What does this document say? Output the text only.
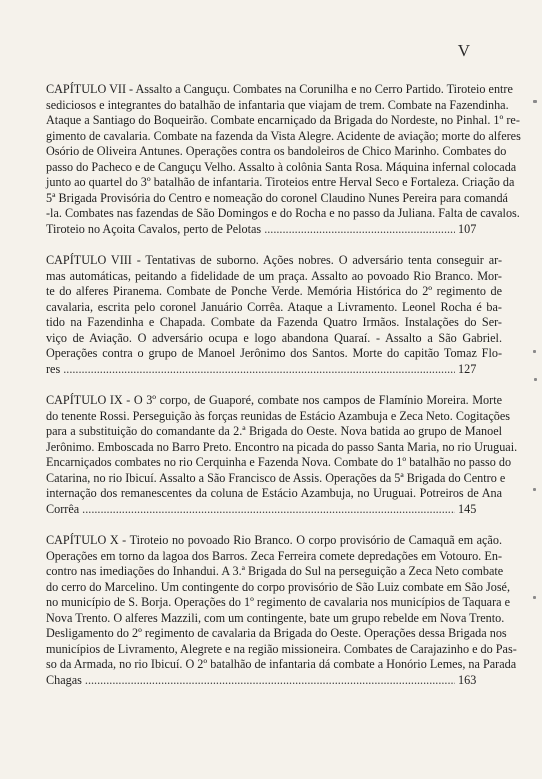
V

CAPÍTULO VII - Assalto a Canguçu. Combates na Corunilha e no Cerro Partido. Tiroteio entre
sediciosos e integrantes do batalhão de infantaria que viajam de trem. Combate na Fazendinha.
Ataque a Santiago do Boqueirão. Combate encarniçado da Brigada do Nordeste, no Pinhal. 1º re-
gimento de cavalaria. Combate na fazenda da Vista Alegre. Acidente de aviação; morte do alferes
Osório de Oliveira Antunes. Operações contra os bandoleiros de Chico Marinho. Combates do
passo do Pacheco e de Canguçu Velho. Assalto à colônia Santa Rosa. Máquina infernal colocada
junto ao quartel do 3º batalhão de infantaria. Tiroteios entre Herval Seco e Fortaleza. Criação da
5ª Brigada Provisória do Centro e nomeação do coronel Claudino Nunes Pereira para comandá
-la. Combates nas fazendas de São Domingos e do Rocha e no passo da Juliana. Falta de cavalos.

Tiroteio no Açoita Cavalos, perto de Pelotas .....	107

CAPÍTULO VIII - Tentativas de suborno. Ações nobres. O adversário tenta conseguir ar-
mas automáticas, peitando a fidelidade de um praça. Assalto ao povoado Rio Branco. Mor-
te do alferes Piranema. Combate de Ponche Verde. Memória Histórica do 2º regimento de
cavalaria, escrita pelo coronel Januário Corrêa. Ataque a Livramento. Leonel Rocha é ba-
tido na Fazendinha e Chapada. Combate da Fazenda Quatro Irmãos. Instalações do Ser-
viço de Aviação. O adversário ocupa e logo abandona Quaraí. - Assalto a São Gabriel.
Operações contra o grupo de Manoel Jerônimo dos Santos. Morte do capitão Tomaz Flo-

res .....	127

CAPÍTULO IX - O 3º corpo, de Guaporé, combate nos campos de Flamínio Moreira. Morte
do tenente Rossi. Perseguição às forças reunidas de Estácio Azambuja e Zeca Neto. Cogitações
para a substituição do comandante da 2.ª Brigada do Oeste. Nova batida ao grupo de Manoel
Jerônimo. Emboscada no Barro Preto. Encontro na picada do passo Santa Maria, no rio Uruguai.
Encarniçados combates no rio Cerquinha e Fazenda Nova. Combate do 1º batalhão no passo do
Catarina, no rio Ibicuí. Assalto a São Francisco de Assis. Operações da 5ª Brigada do Centro e
internação dos remanescentes da coluna de Estácio Azambuja, no Uruguai. Potreiros de Ana

Corrêa .....	145

CAPÍTULO X - Tiroteio no povoado Rio Branco. O corpo provisório de Camaquã em ação.
Operações em torno da lagoa dos Barros. Zeca Ferreira comete depredações em Votouro. En-
contro nas imediações do Inhandui. A 3.ª Brigada do Sul na perseguição a Zeca Neto combate
do cerro do Marcelino. Um contingente do corpo provisório de São Luiz combate em São José,
no município de S. Borja. Operações do 1º regimento de cavalaria nos municípios de Taquara e
Nova Trento. O alferes Mazzili, com um contingente, bate um grupo rebelde em Nova Trento.
Desligamento do 2º regimento de cavalaria da Brigada do Oeste. Operações dessa Brigada nos
municípios de Livramento, Alegrete e na região missioneira. Combates de Carajazinho e do Pas-
so da Armada, no rio Ibicuí. O 2º batalhão de infantaria dá combate a Honório Lemes, na Parada

Chagas .....	163
